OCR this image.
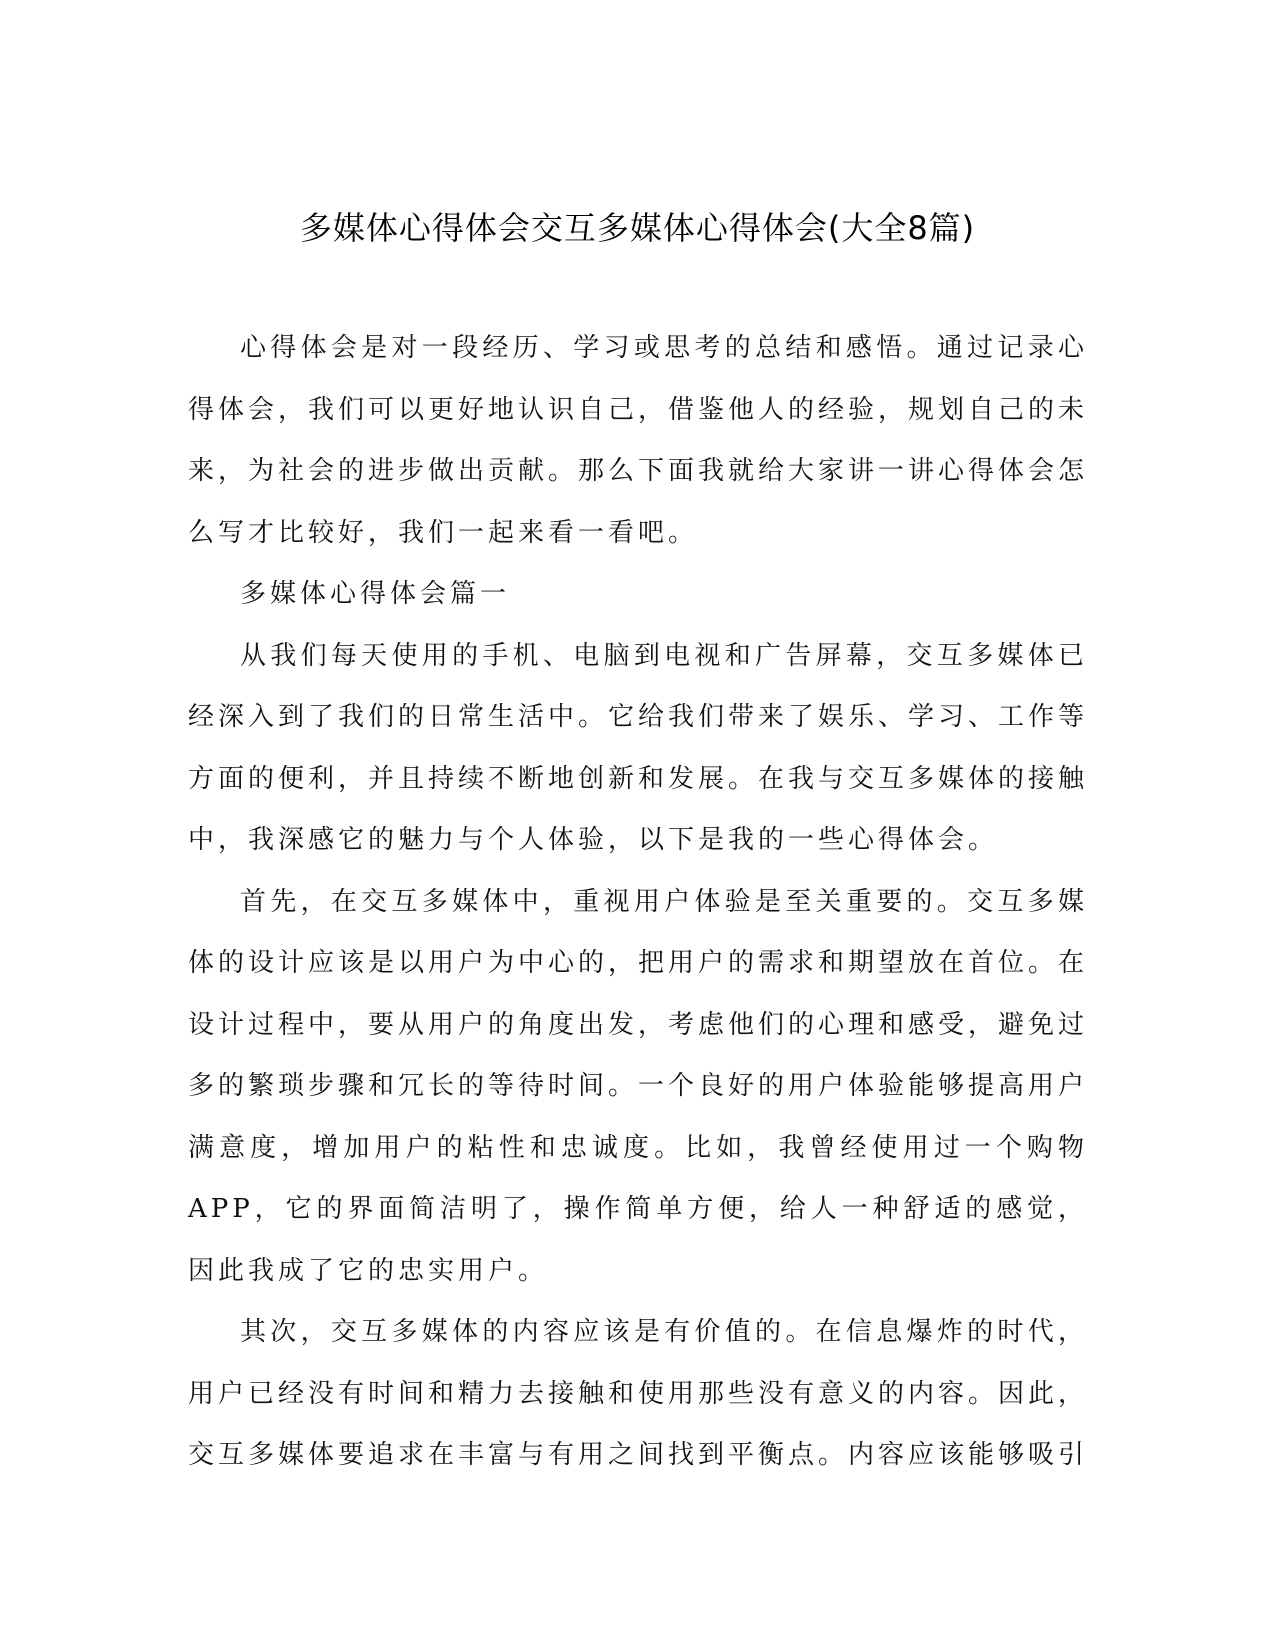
多媒体心得体会交互多媒体心得体会(大全8篇)

心得体会是对一段经历、学习或思考的总结和感悟。通过记录心得体会，我们可以更好地认识自己，借鉴他人的经验，规划自己的未来，为社会的进步做出贡献。那么下面我就给大家讲一讲心得体会怎么写才比较好，我们一起来看一看吧。

多媒体心得体会篇一

从我们每天使用的手机、电脑到电视和广告屏幕，交互多媒体已经深入到了我们的日常生活中。它给我们带来了娱乐、学习、工作等方面的便利，并且持续不断地创新和发展。在我与交互多媒体的接触中，我深感它的魅力与个人体验，以下是我的一些心得体会。

首先，在交互多媒体中，重视用户体验是至关重要的。交互多媒体的设计应该是以用户为中心的，把用户的需求和期望放在首位。在设计过程中，要从用户的角度出发，考虑他们的心理和感受，避免过多的繁琐步骤和冗长的等待时间。一个良好的用户体验能够提高用户满意度，增加用户的粘性和忠诚度。比如，我曾经使用过一个购物APP，它的界面简洁明了，操作简单方便，给人一种舒适的感觉，因此我成了它的忠实用户。

其次，交互多媒体的内容应该是有价值的。在信息爆炸的时代，用户已经没有时间和精力去接触和使用那些没有意义的内容。因此，交互多媒体要追求在丰富与有用之间找到平衡点。内容应该能够吸引
